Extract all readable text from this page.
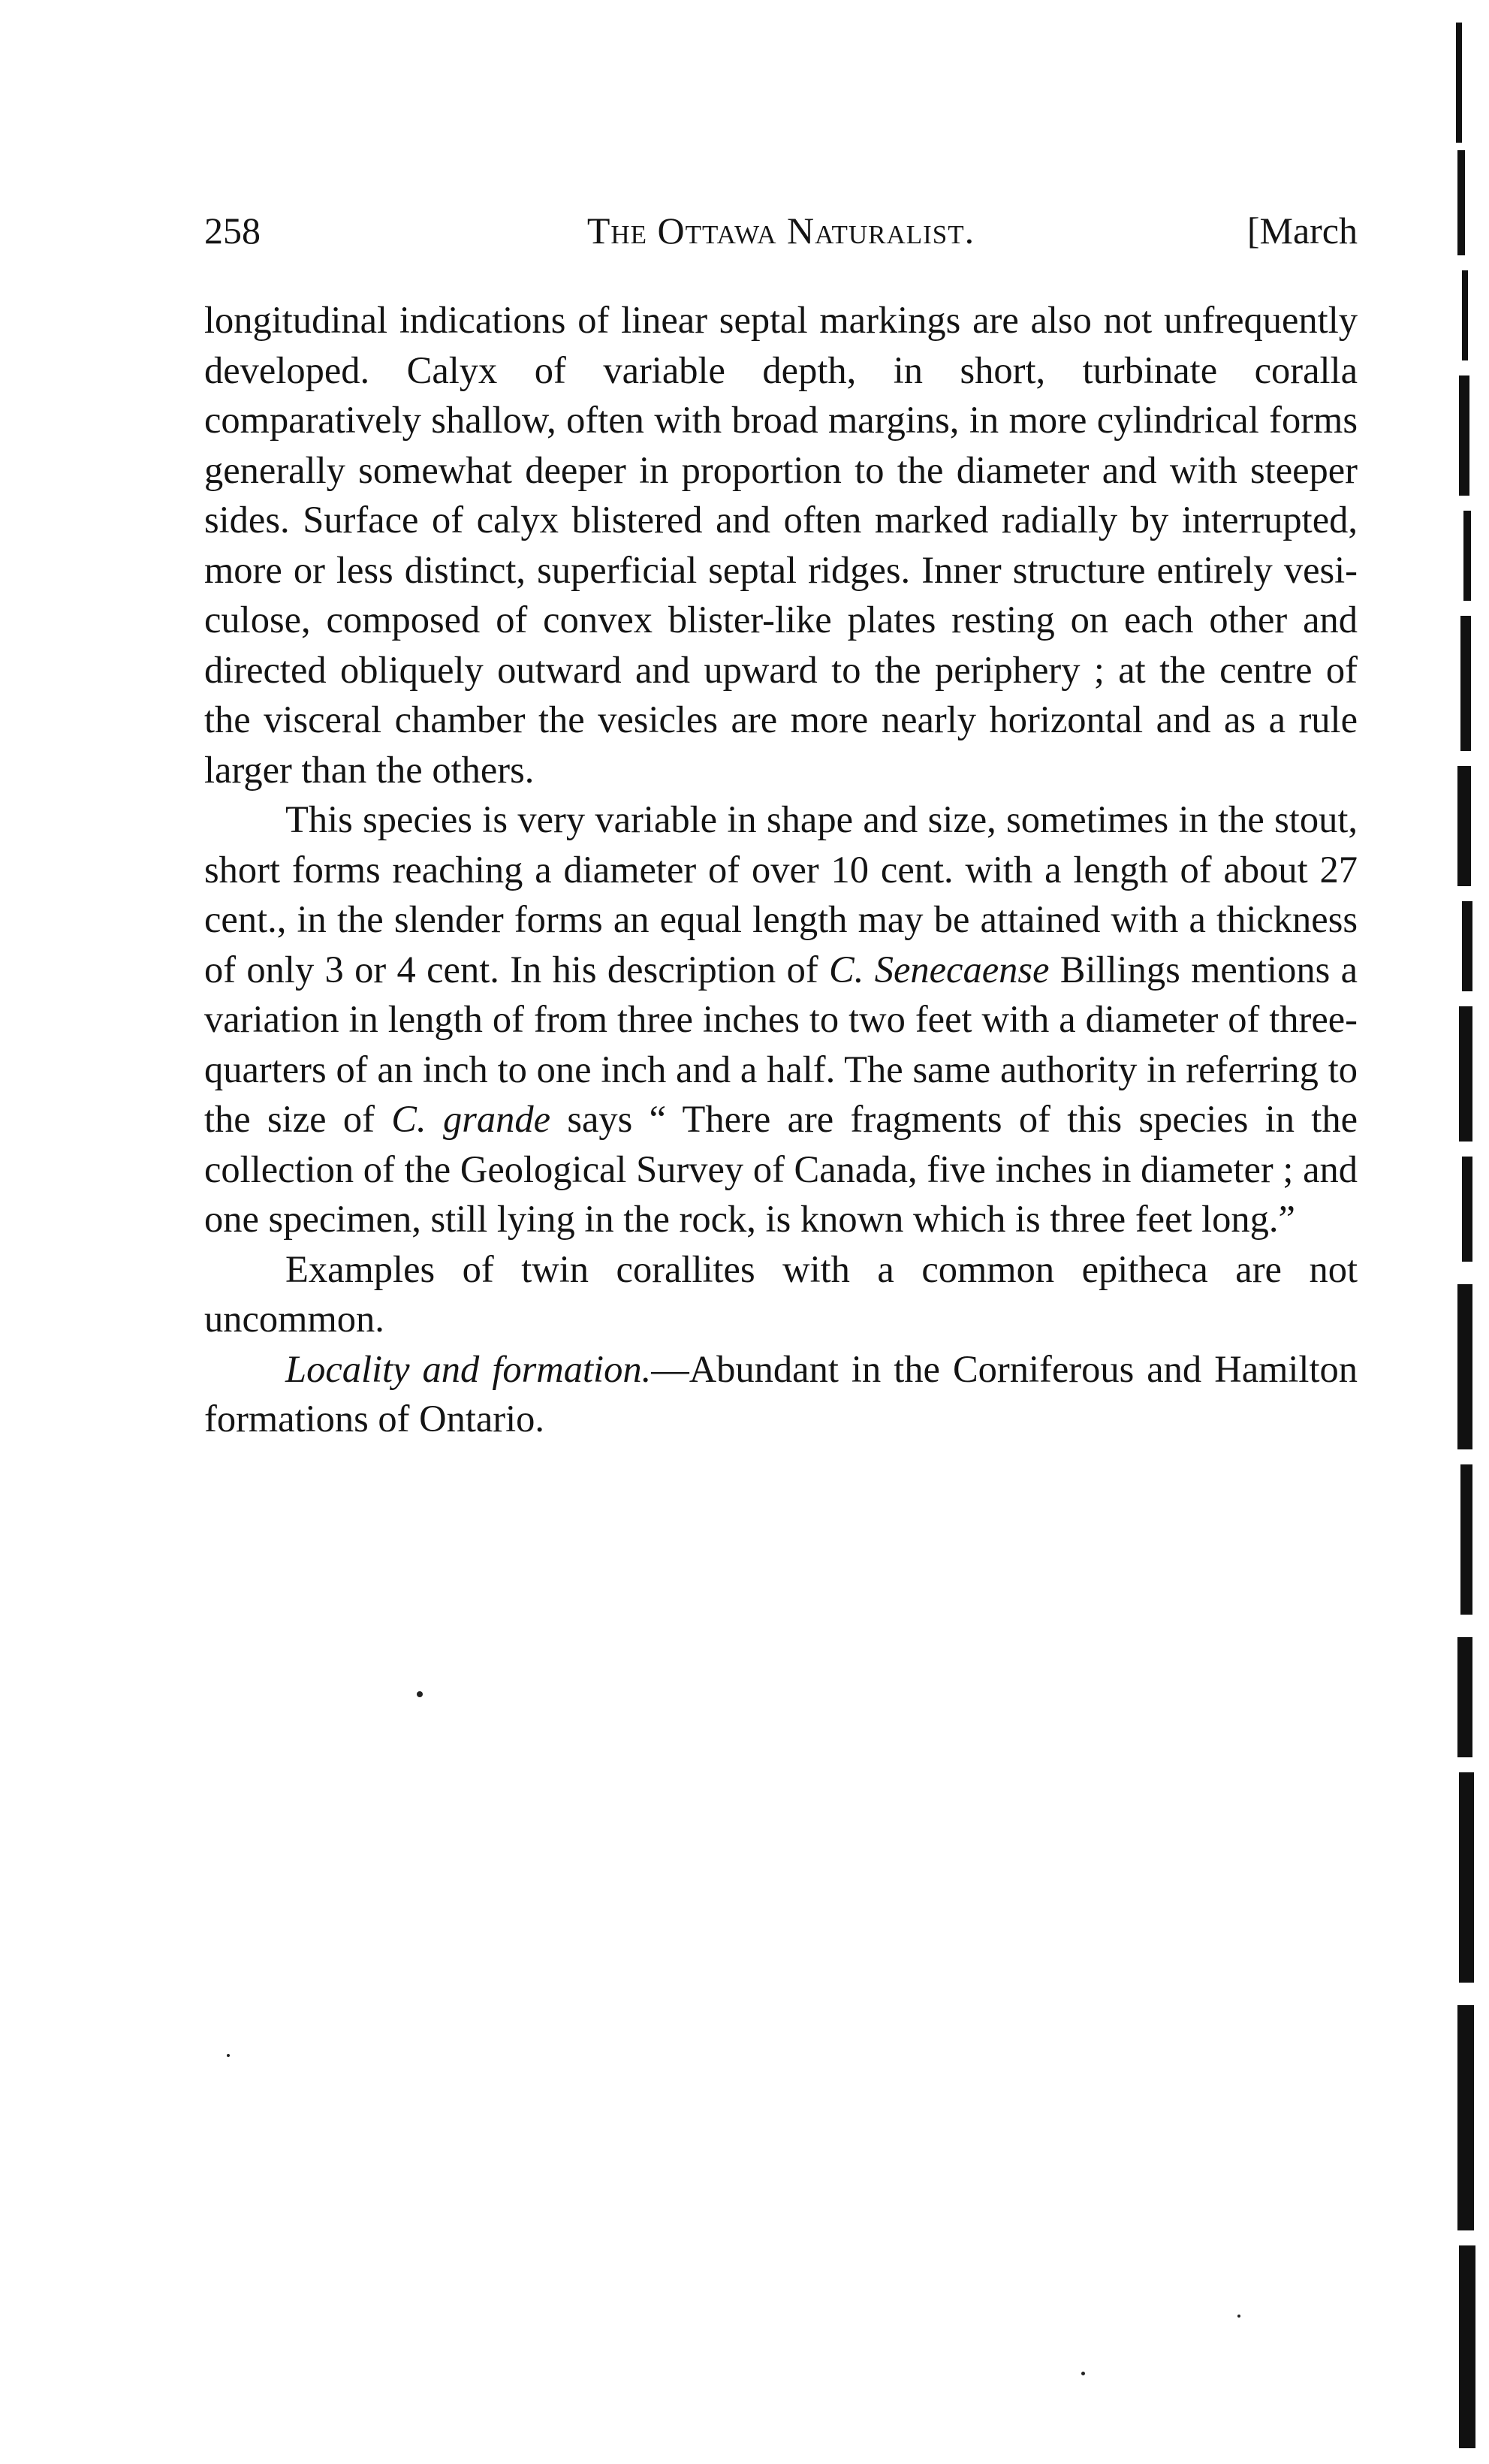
258	The Ottawa Naturalist.	[March

longitudinal indications of linear septal markings are also not unfrequently developed. Calyx of variable depth, in short, turbinate coralla comparatively shallow, often with broad margins, in more cylindrical forms generally somewhat deeper in proportion to the diameter and with steeper sides. Surface of calyx blistered and often marked radially by interrupted, more or less distinct, superficial septal ridges. Inner structure entirely vesiculose, composed of convex blister-like plates resting on each other and directed obliquely outward and upward to the periphery ; at the centre of the visceral chamber the vesicles are more nearly horizontal and as a rule larger than the others.

This species is very variable in shape and size, sometimes in the stout, short forms reaching a diameter of over 10 cent. with a length of about 27 cent., in the slender forms an equal length may be attained with a thickness of only 3 or 4 cent. In his description of C. Senecaense Billings mentions a variation in length of from three inches to two feet with a diameter of three-quarters of an inch to one inch and a half. The same authority in referring to the size of C. grande says “ There are fragments of this species in the collection of the Geological Survey of Canada, five inches in diameter ; and one specimen, still lying in the rock, is known which is three feet long.”

Examples of twin corallites with a common epitheca are not uncommon.

Locality and formation.—Abundant in the Corniferous and Hamilton formations of Ontario.
